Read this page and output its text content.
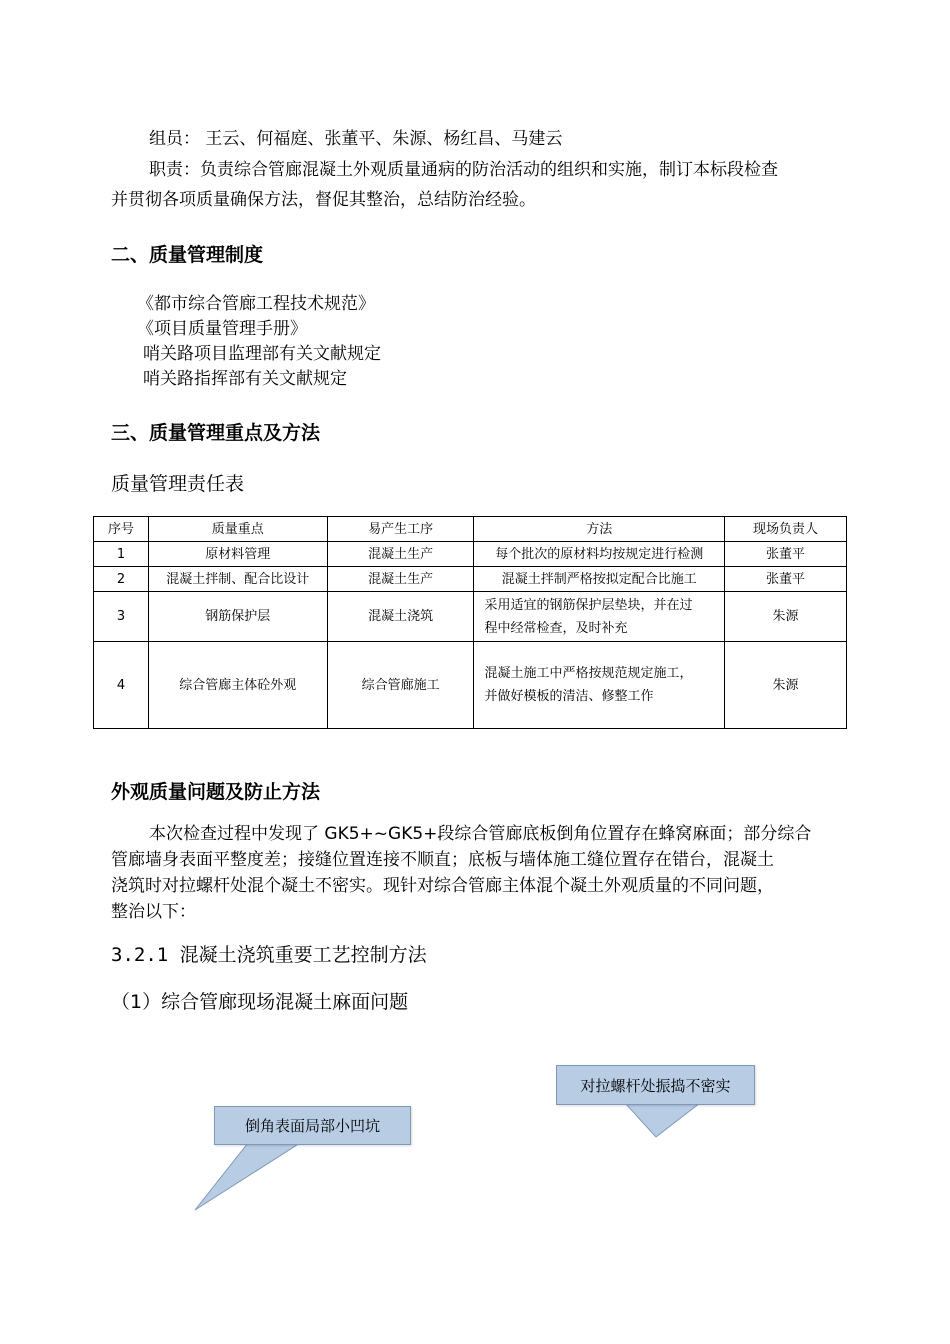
组员： 王云、何福庭、张董平、朱源、杨红昌、马建云
职责：负责综合管廊混凝土外观质量通病的防治活动的组织和实施，制订本标段检查
并贯彻各项质量确保方法，督促其整治，总结防治经验。
二、质量管理制度
《都市综合管廊工程技术规范》
《项目质量管理手册》
哨关路项目监理部有关文献规定
哨关路指挥部有关文献规定
三、质量管理重点及方法
质量管理责任表
序号	质量重点	易产生工序	方法	现场负责人
1	原材料管理	混凝土生产	每个批次的原材料均按规定进行检测	张董平
2	混凝土拌制、配合比设计	混凝土生产	混凝土拌制严格按拟定配合比施工	张董平
3	钢筋保护层	混凝土浇筑	采用适宜的钢筋保护层垫块，并在过
程中经常检查，及时补充	朱源
4	综合管廊主体砼外观	综合管廊施工	混凝土施工中严格按规范规定施工，
并做好模板的清洁、修整工作	朱源
外观质量问题及防止方法
本次检查过程中发现了 GK5+~GK5+段综合管廊底板倒角位置存在蜂窝麻面；部分综合
管廊墙身表面平整度差；接缝位置连接不顺直；底板与墙体施工缝位置存在错台，混凝土
浇筑时对拉螺杆处混个凝土不密实。现针对综合管廊主体混个凝土外观质量的不同问题，
整治以下：
3.2.1 混凝土浇筑重要工艺控制方法
（1）综合管廊现场混凝土麻面问题
对拉螺杆处振捣不密实
倒角表面局部小凹坑
